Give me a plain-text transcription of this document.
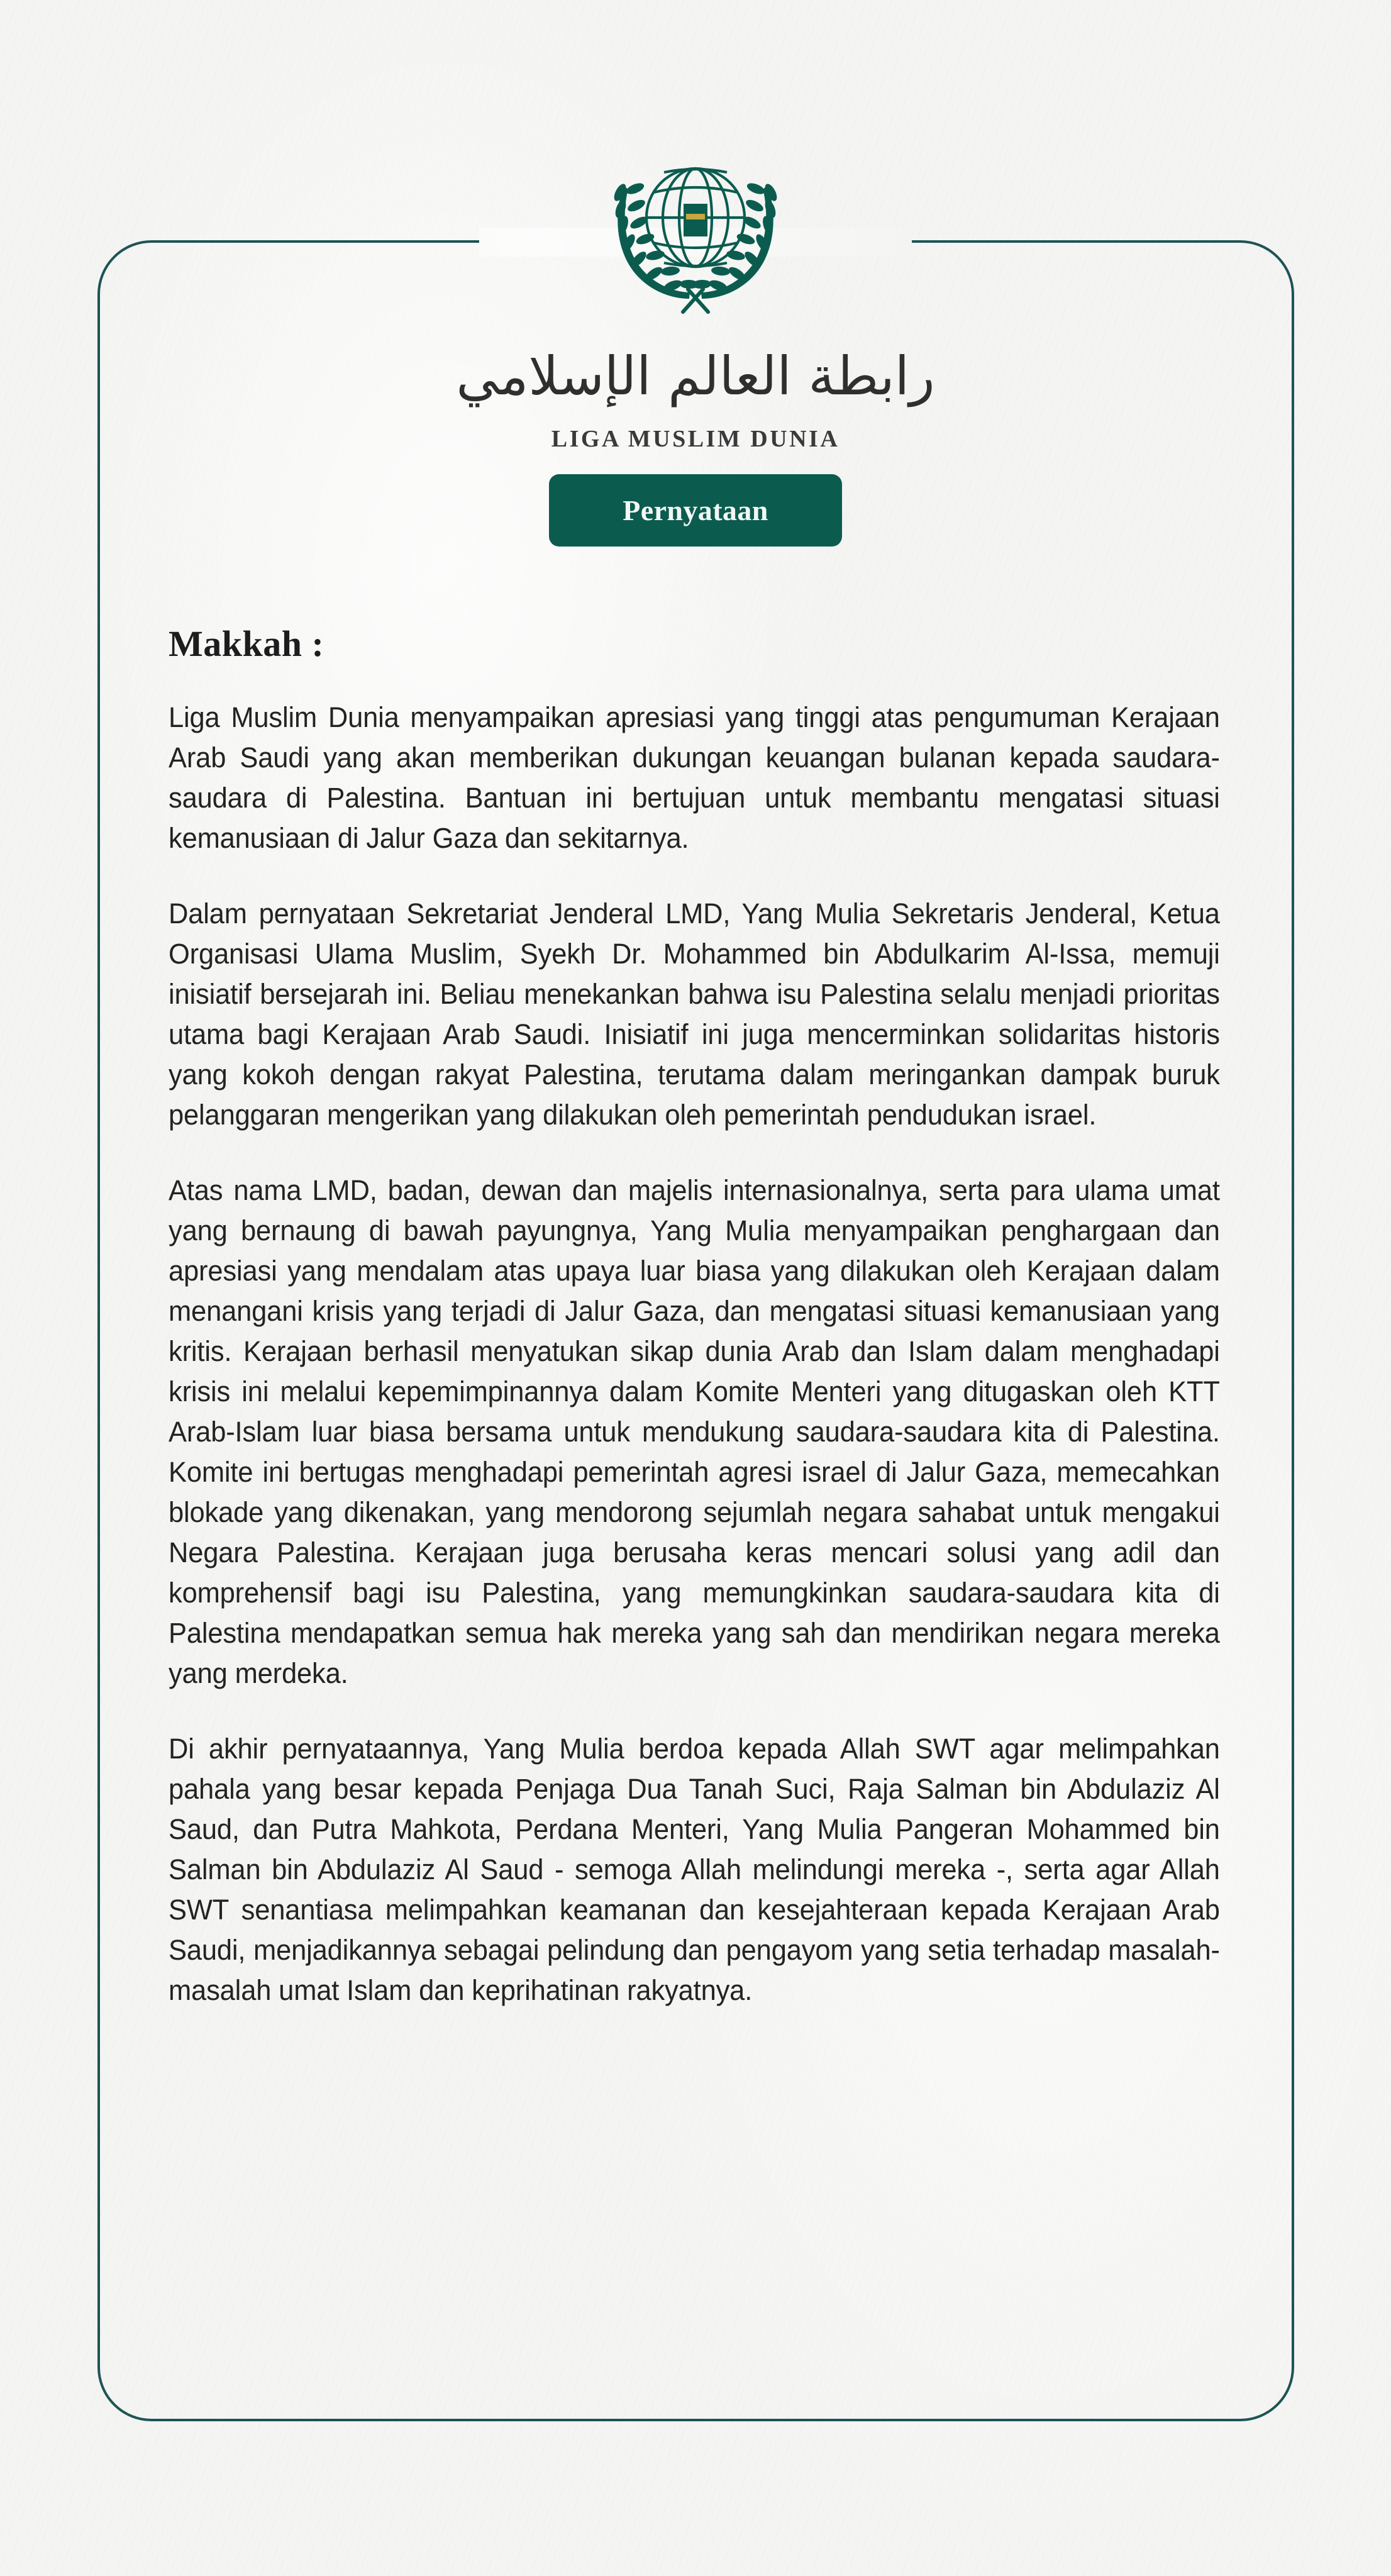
رابطة العالم الإسلامي
LIGA MUSLIM DUNIA
Pernyataan
Makkah :

Liga Muslim Dunia menyampaikan apresiasi yang tinggi atas pengumuman Kerajaan Arab Saudi yang akan memberikan dukungan keuangan bulanan kepada saudara-saudara di Palestina. Bantuan ini bertujuan untuk membantu mengatasi situasi kemanusiaan di Jalur Gaza dan sekitarnya.

Dalam pernyataan Sekretariat Jenderal LMD, Yang Mulia Sekretaris Jenderal, Ketua Organisasi Ulama Muslim, Syekh Dr. Mohammed bin Abdulkarim Al-Issa, memuji inisiatif bersejarah ini. Beliau menekankan bahwa isu Palestina selalu menjadi prioritas utama bagi Kerajaan Arab Saudi. Inisiatif ini juga mencerminkan solidaritas historis yang kokoh dengan rakyat Palestina, terutama dalam meringankan dampak buruk pelanggaran mengerikan yang dilakukan oleh pemerintah pendudukan israel.

Atas nama LMD, badan, dewan dan majelis internasionalnya, serta para ulama umat yang bernaung di bawah payungnya, Yang Mulia menyampaikan penghargaan dan apresiasi yang mendalam atas upaya luar biasa yang dilakukan oleh Kerajaan dalam menangani krisis yang terjadi di Jalur Gaza, dan mengatasi situasi kemanusiaan yang kritis. Kerajaan berhasil menyatukan sikap dunia Arab dan Islam dalam menghadapi krisis ini melalui kepemimpinannya dalam Komite Menteri yang ditugaskan oleh KTT Arab-Islam luar biasa bersama untuk mendukung saudara-saudara kita di Palestina. Komite ini bertugas menghadapi pemerintah agresi israel di Jalur Gaza, memecahkan blokade yang dikenakan, yang mendorong sejumlah negara sahabat untuk mengakui Negara Palestina. Kerajaan juga berusaha keras mencari solusi yang adil dan komprehensif bagi isu Palestina, yang memungkinkan saudara-saudara kita di Palestina mendapatkan semua hak mereka yang sah dan mendirikan negara mereka yang merdeka.

Di akhir pernyataannya, Yang Mulia berdoa kepada Allah SWT agar melimpahkan pahala yang besar kepada Penjaga Dua Tanah Suci, Raja Salman bin Abdulaziz Al Saud, dan Putra Mahkota, Perdana Menteri, Yang Mulia Pangeran Mohammed bin Salman bin Abdulaziz Al Saud - semoga Allah melindungi mereka -, serta agar Allah SWT senantiasa melimpahkan keamanan dan kesejahteraan kepada Kerajaan Arab Saudi, menjadikannya sebagai pelindung dan pengayom yang setia terhadap masalah-masalah umat Islam dan keprihatinan rakyatnya.
